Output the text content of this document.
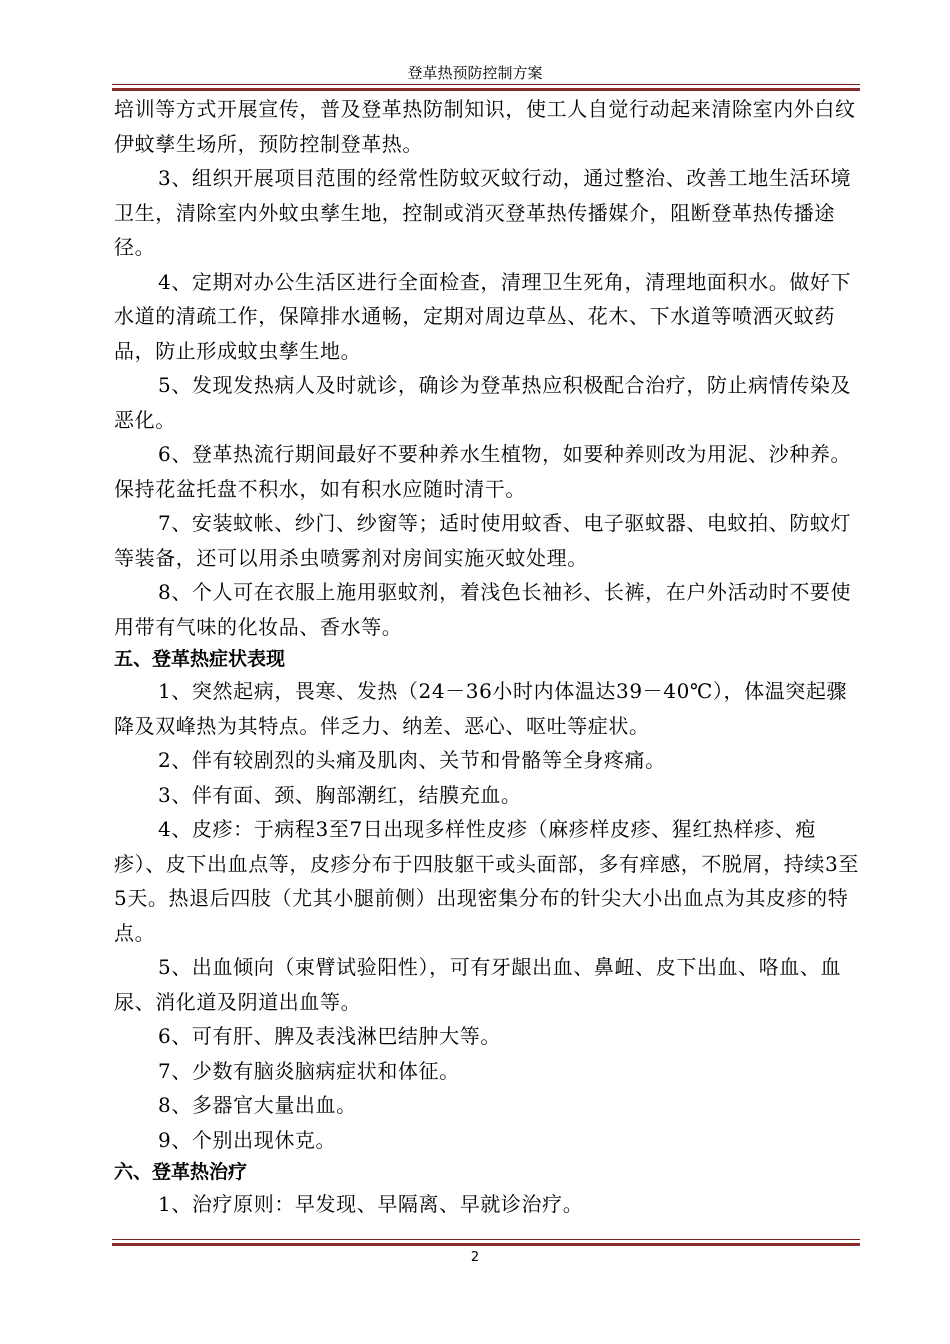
登革热预防控制方案

培训等方式开展宣传，普及登革热防制知识，使工人自觉行动起来清除室内外白纹伊蚊孳生场所，预防控制登革热。

3、组织开展项目范围的经常性防蚊灭蚊行动，通过整治、改善工地生活环境卫生，清除室内外蚊虫孳生地，控制或消灭登革热传播媒介，阻断登革热传播途径。

4、定期对办公生活区进行全面检查，清理卫生死角，清理地面积水。做好下水道的清疏工作，保障排水通畅，定期对周边草丛、花木、下水道等喷洒灭蚊药品，防止形成蚊虫孳生地。

5、发现发热病人及时就诊，确诊为登革热应积极配合治疗，防止病情传染及恶化。

6、登革热流行期间最好不要种养水生植物，如要种养则改为用泥、沙种养。保持花盆托盘不积水，如有积水应随时清干。

7、安装蚊帐、纱门、纱窗等；适时使用蚊香、电子驱蚊器、电蚊拍、防蚊灯等装备，还可以用杀虫喷雾剂对房间实施灭蚊处理。

8、个人可在衣服上施用驱蚊剂，着浅色长袖衫、长裤，在户外活动时不要使用带有气味的化妆品、香水等。

五、登革热症状表现

1、突然起病，畏寒、发热（24－36小时内体温达39－40℃），体温突起骤降及双峰热为其特点。伴乏力、纳差、恶心、呕吐等症状。

2、伴有较剧烈的头痛及肌肉、关节和骨骼等全身疼痛。

3、伴有面、颈、胸部潮红，结膜充血。

4、皮疹：于病程3至7日出现多样性皮疹（麻疹样皮疹、猩红热样疹、疱疹）、皮下出血点等，皮疹分布于四肢躯干或头面部，多有痒感，不脱屑，持续3至5天。热退后四肢（尤其小腿前侧）出现密集分布的针尖大小出血点为其皮疹的特点。

5、出血倾向（束臂试验阳性），可有牙龈出血、鼻衄、皮下出血、咯血、血尿、消化道及阴道出血等。

6、可有肝、脾及表浅淋巴结肿大等。

7、少数有脑炎脑病症状和体征。

8、多器官大量出血。

9、个别出现休克。

六、登革热治疗

1、治疗原则：早发现、早隔离、早就诊治疗。

2
